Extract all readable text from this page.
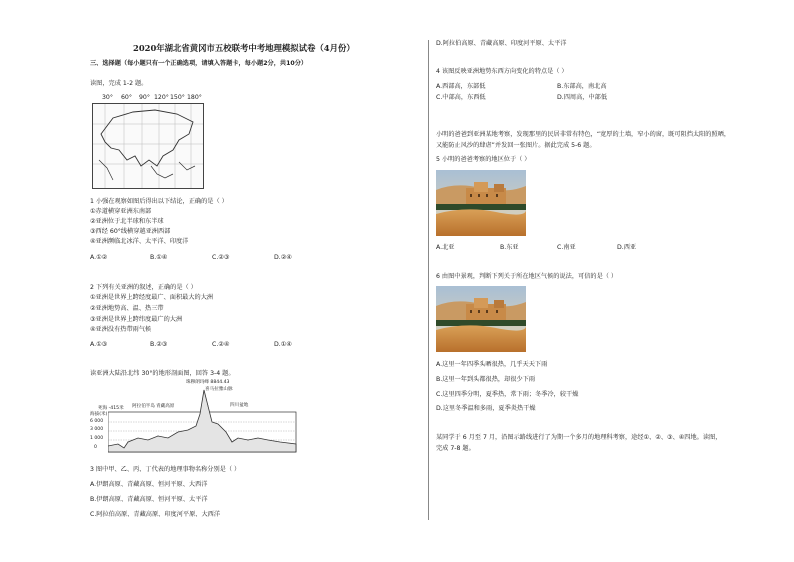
2020年湖北省黄冈市五校联考中考地理模拟试卷（4月份）
三、选择题（每小题只有一个正确选项，请填入答题卡，每小题2分，共10分）
读图，完成 1-2 题。
30° 60° 90° 120° 150° 180°
1 小强在观察如图后得出以下结论，正确的是（ ）
①赤道横穿亚洲东南部
②亚洲位于北半球和东半球
③西经 60°线横穿越亚洲西部
④亚洲濒临北冰洋、太平洋、印度洋
A.①②	B.①④	C.②③	D.②④
2 下列有关亚洲的叙述，正确的是（ ）
①亚洲是世界上跨经度最广、面积最大的大洲
②亚洲地势高、温、热三带
③亚洲是世界上跨纬度最广的大洲
④亚洲没有热带雨气候
A.①③	B.②③	C.②④	D.①④
读亚洲大陆沿北纬 30°的地形剖面图，回答 3-4 题。
珠穆朗玛峰 8844.43
喜马拉雅山脉
四川盆地
死海 -415米 阿拉伯半岛 青藏高原
海拔(米)
6 000
3 000
1 000
0
3 图中甲、乙、丙、丁代表的地理事物名称分别是（ ）
A.伊朗高原、青藏高原、恒河平原、大西洋
B.伊朗高原、青藏高原、恒河平原、太平洋
C.阿拉伯高原、青藏高原、印度河平原、大西洋
D.阿拉伯高原、青藏高原、印度河平原、太平洋
4 该图反映亚洲地势东西方向变化的特点是（ ）
A.西部高，东部低	B.东部高，南北高
C.中部高，东西低	D.四周高，中部低
小明的爸爸到亚洲某地考察，发现那里的民居非常有特色，“宽厚的土墙，窄小的窗，既可阻挡太阳的照晒，
又能防止风沙的肆虐”并发回一张图片。据此完成 5-6 题。
5 小明的爸爸考察的地区位于（ ）
A.北亚	B.东亚	C.南亚	D.西亚
6 由图中景观，判断下列关于所在地区气候的说法，可信的是（ ）
A.这里一年四季头晒很热，几乎天天下雨
B.这里一年到头都很热，却很少下雨
C.这里四季分明，夏季热，常下雨；冬季冷，较干燥
D.这里冬季温和多雨，夏季炎热干燥
某同学于 6 月至 7 月，沿图示路线进行了为期一个多月的地理科考察，途经①、②、③、④四地。读图，
完成 7-8 题。
